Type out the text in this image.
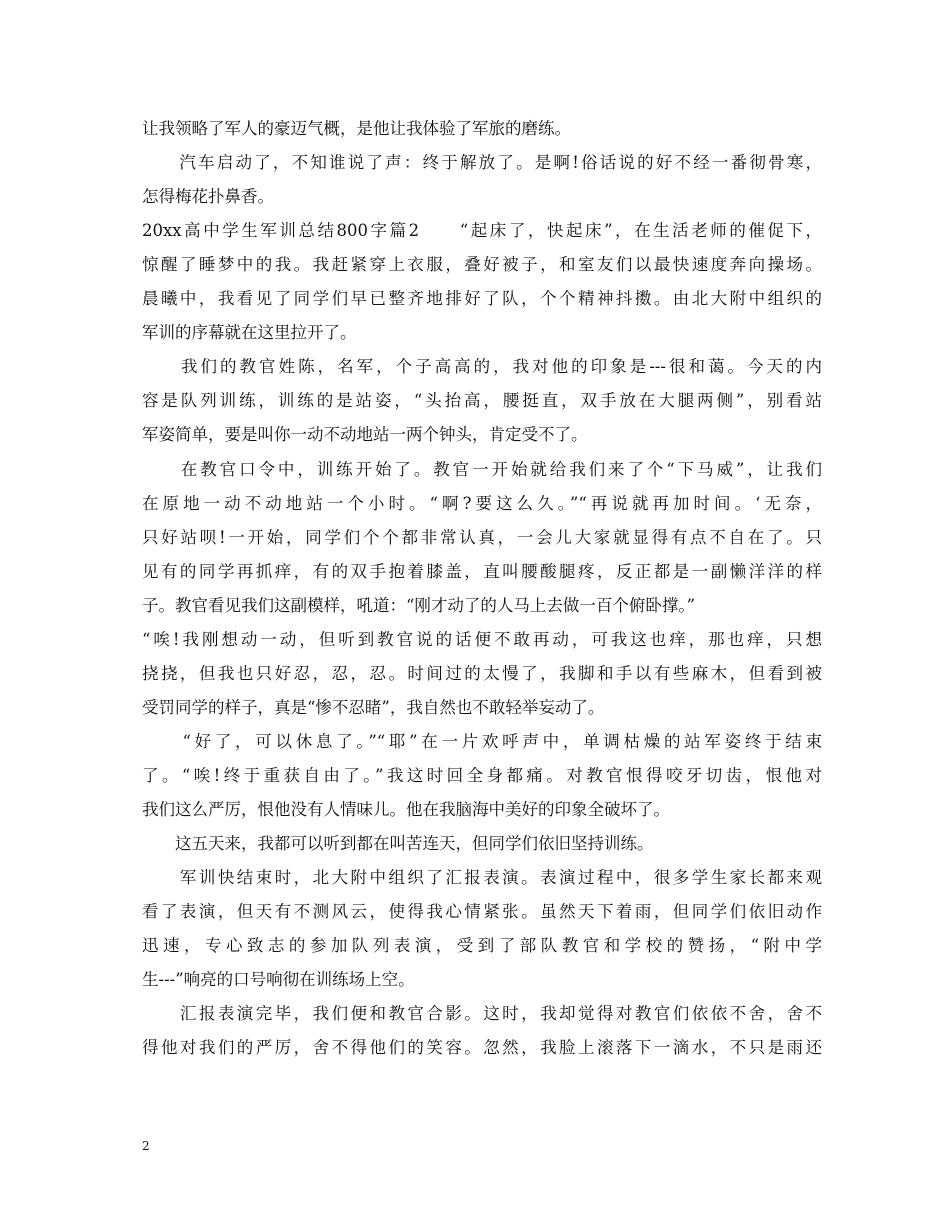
让我领略了军人的豪迈气概，是他让我体验了军旅的磨练。
　　汽车启动了，不知谁说了声：终于解放了。是啊!俗话说的好不经一番彻骨寒，
怎得梅花扑鼻香。
20xx高中学生军训总结800字篇2　　“起床了，快起床”，在生活老师的催促下，
惊醒了睡梦中的我。我赶紧穿上衣服，叠好被子，和室友们以最快速度奔向操场。
晨曦中，我看见了同学们早已整齐地排好了队，个个精神抖擞。由北大附中组织的
军训的序幕就在这里拉开了。
　　我们的教官姓陈，名军，个子高高的，我对他的印象是---很和蔼。今天的内
容是队列训练，训练的是站姿，“头抬高，腰挺直，双手放在大腿两侧”，别看站
军姿简单，要是叫你一动不动地站一两个钟头，肯定受不了。
　　在教官口令中，训练开始了。教官一开始就给我们来了个“下马威”，让我们
在原地一动不动地站一个小时。“啊?要这么久。”“再说就再加时间。‘无奈，
只好站呗!一开始，同学们个个都非常认真，一会儿大家就显得有点不自在了。只
见有的同学再抓痒，有的双手抱着膝盖，直叫腰酸腿疼，反正都是一副懒洋洋的样
子。教官看见我们这副模样，吼道：“刚才动了的人马上去做一百个俯卧撑。”
“唉!我刚想动一动，但听到教官说的话便不敢再动，可我这也痒，那也痒，只想
挠挠，但我也只好忍，忍，忍。时间过的太慢了，我脚和手以有些麻木，但看到被
受罚同学的样子，真是“惨不忍睹”，我自然也不敢轻举妄动了。
　　“好了，可以休息了。”“耶”在一片欢呼声中，单调枯燥的站军姿终于结束
了。“唉!终于重获自由了。”我这时回全身都痛。对教官恨得咬牙切齿，恨他对
我们这么严厉，恨他没有人情味儿。他在我脑海中美好的印象全破坏了。
　　这五天来，我都可以听到都在叫苦连天，但同学们依旧坚持训练。
　　军训快结束时，北大附中组织了汇报表演。表演过程中，很多学生家长都来观
看了表演，但天有不测风云，使得我心情紧张。虽然天下着雨，但同学们依旧动作
迅速，专心致志的参加队列表演，受到了部队教官和学校的赞扬，“附中学
生---”响亮的口号响彻在训练场上空。
　　汇报表演完毕，我们便和教官合影。这时，我却觉得对教官们依依不舍，舍不
得他对我们的严厉，舍不得他们的笑容。忽然，我脸上滚落下一滴水，不只是雨还
2
